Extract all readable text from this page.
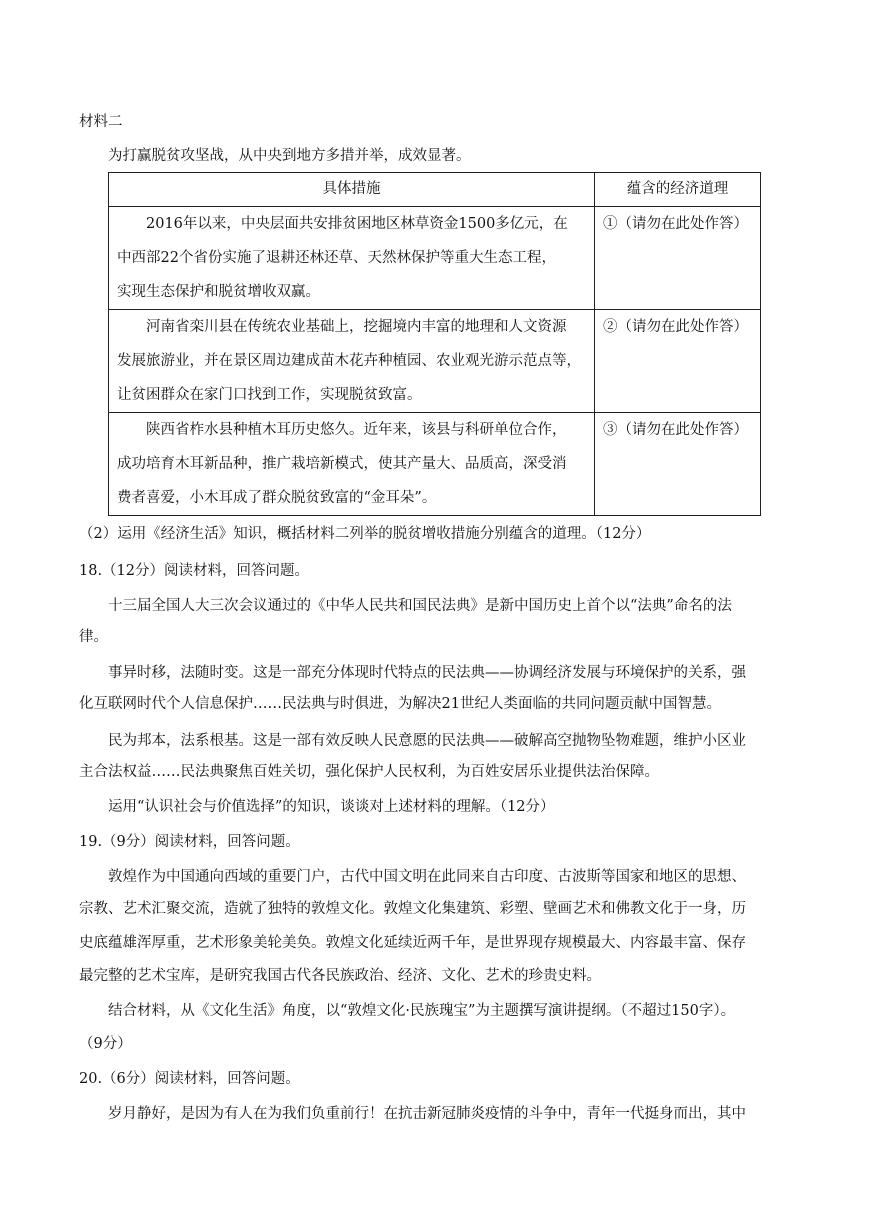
材料二
为打赢脱贫攻坚战，从中央到地方多措并举，成效显著。
具体措施	蕴含的经济道理

2016年以来，中央层面共安排贫困地区林草资金1500多亿元，在
中西部22个省份实施了退耕还林还草、天然林保护等重大生态工程，
实现生态保护和脱贫增收双赢。	①（请勿在此处作答）

河南省栾川县在传统农业基础上，挖掘境内丰富的地理和人文资源
发展旅游业，并在景区周边建成苗木花卉种植园、农业观光游示范点等，
让贫困群众在家门口找到工作，实现脱贫致富。	②（请勿在此处作答）

陕西省柞水县种植木耳历史悠久。近年来，该县与科研单位合作，
成功培育木耳新品种，推广栽培新模式，使其产量大、品质高，深受消
费者喜爱，小木耳成了群众脱贫致富的“金耳朵”。	③（请勿在此处作答）
（2）运用《经济生活》知识，概括材料二列举的脱贫增收措施分别蕴含的道理。（12分）
18.（12分）阅读材料，回答问题。
十三届全国人大三次会议通过的《中华人民共和国民法典》是新中国历史上首个以“法典”命名的法
律。
事异时移，法随时变。这是一部充分体现时代特点的民法典——协调经济发展与环境保护的关系，强
化互联网时代个人信息保护……民法典与时俱进，为解决21世纪人类面临的共同问题贡献中国智慧。
民为邦本，法系根基。这是一部有效反映人民意愿的民法典——破解高空抛物坠物难题，维护小区业
主合法权益……民法典聚焦百姓关切，强化保护人民权利，为百姓安居乐业提供法治保障。
运用“认识社会与价值选择”的知识，谈谈对上述材料的理解。（12分）
19.（9分）阅读材料，回答问题。
敦煌作为中国通向西域的重要门户，古代中国文明在此同来自古印度、古波斯等国家和地区的思想、
宗教、艺术汇聚交流，造就了独特的敦煌文化。敦煌文化集建筑、彩塑、壁画艺术和佛教文化于一身，历
史底蕴雄浑厚重，艺术形象美轮美奂。敦煌文化延续近两千年，是世界现存规模最大、内容最丰富、保存
最完整的艺术宝库，是研究我国古代各民族政治、经济、文化、艺术的珍贵史料。
结合材料，从《文化生活》角度，以“敦煌文化·民族瑰宝”为主题撰写演讲提纲。（不超过150字）。
（9分）
20.（6分）阅读材料，回答问题。
岁月静好，是因为有人在为我们负重前行！在抗击新冠肺炎疫情的斗争中，青年一代挺身而出，其中
